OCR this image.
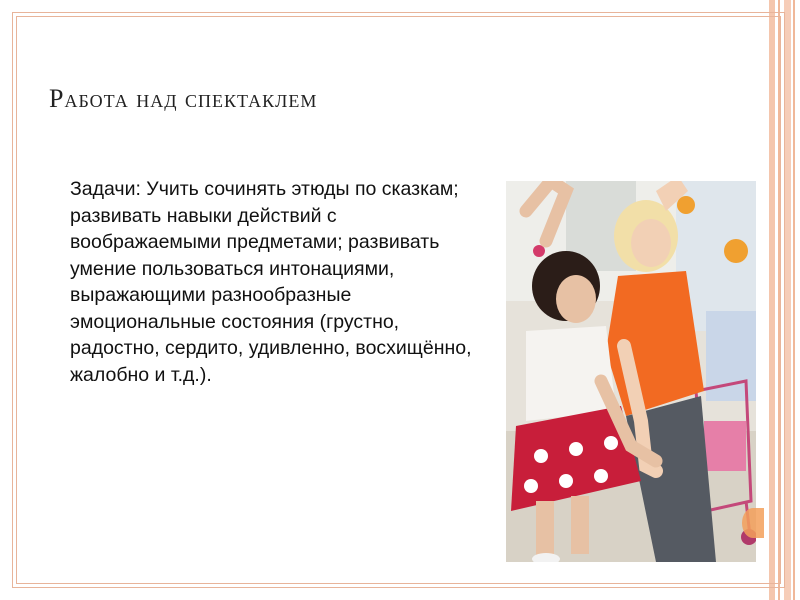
Работа над спектаклем
Задачи: Учить сочинять этюды по сказкам; развивать навыки действий с воображаемыми предметами; развивать умение пользоваться интонациями, выражающими разнообразные эмоциональные состояния (грустно, радостно, сердито, удивленно, восхищённо, жалобно и т.д.).
